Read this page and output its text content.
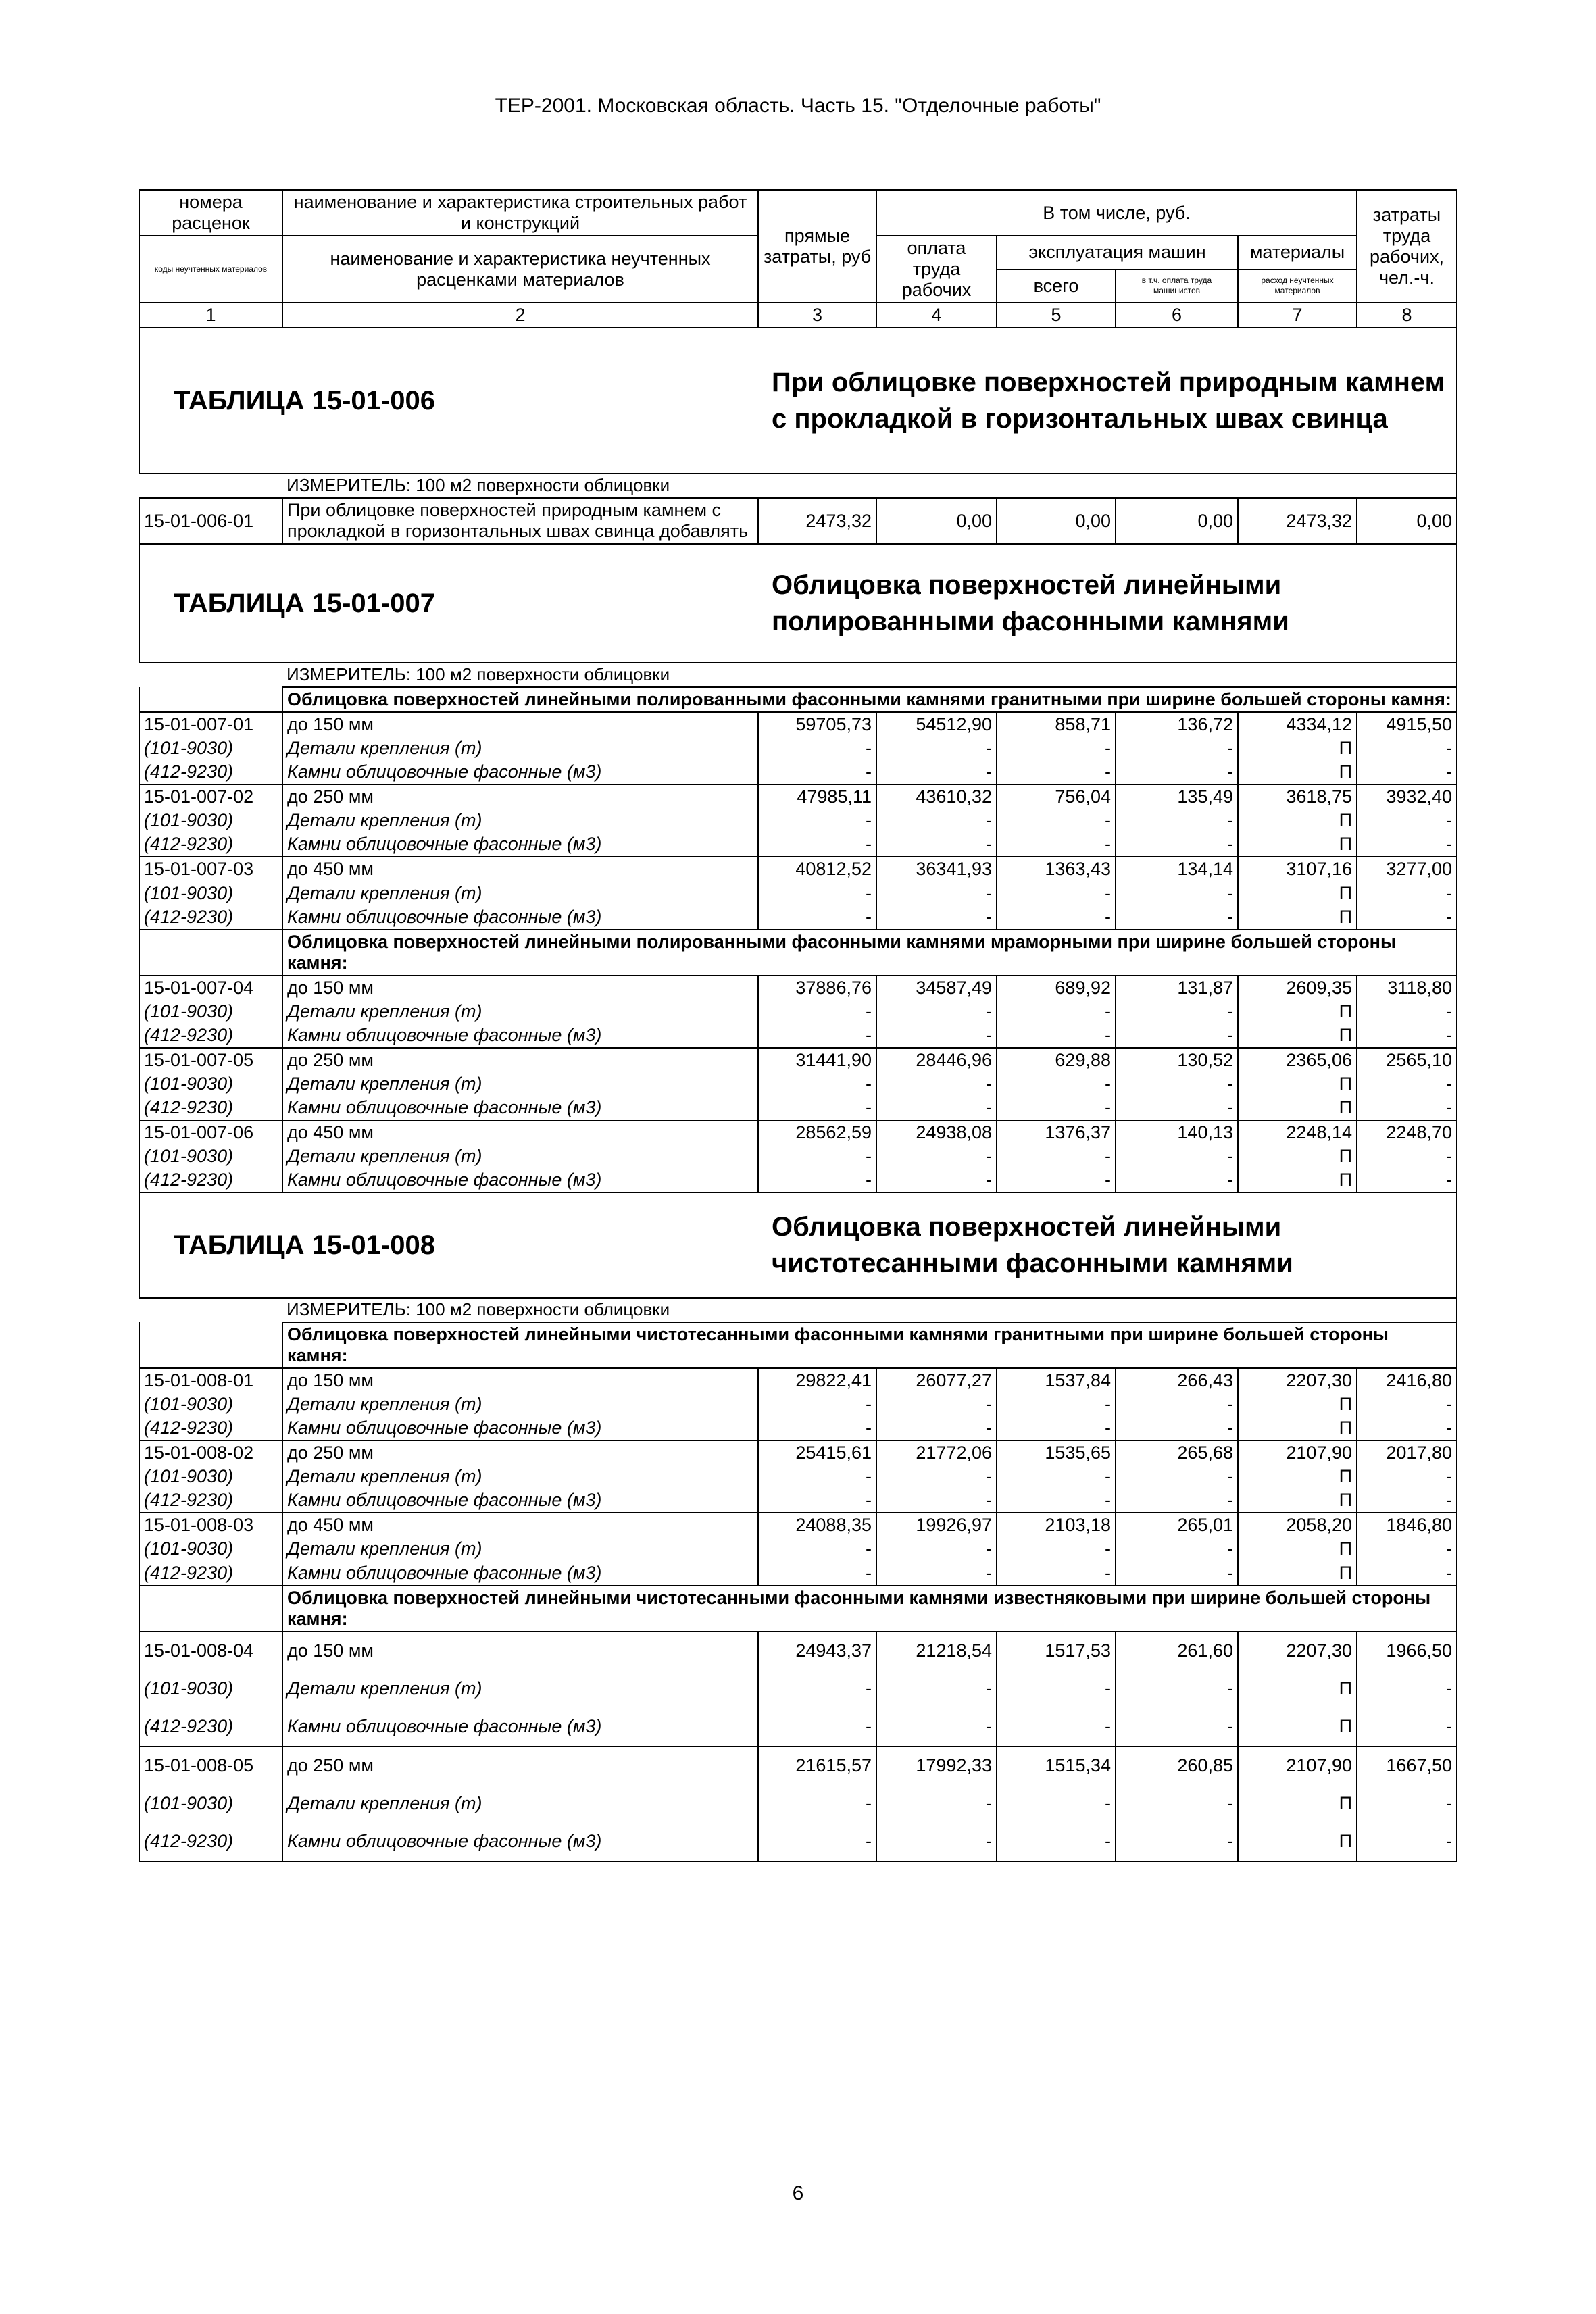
ТЕР-2001. Московская область. Часть 15. "Отделочные работы"
номера расценок	наименование и характеристика строительных работ и конструкций	прямые затраты, руб	В том числе, руб.				затраты труда рабочих, чел.-ч.
коды неучтенных материалов	наименование и характеристика неучтенных расценками материалов		оплата труда рабочих	эксплуатация машин		материалы	
				всего	в т.ч. оплата труда машинистов	расход неучтенных материалов	
1	2	3	4	5	6	7	8
ТАБЛИЦА 15-01-006		При облицовке поверхностей природным камнем с прокладкой в горизонтальных швах свинца					
	ИЗМЕРИТЕЛЬ: 100 м2 поверхности облицовки						
15-01-006-01	При облицовке поверхностей природным камнем с прокладкой в горизонтальных швах свинца добавлять	2473,32	0,00	0,00	0,00	2473,32	0,00
ТАБЛИЦА 15-01-007		Облицовка поверхностей линейными полированными фасонными камнями					
	ИЗМЕРИТЕЛЬ: 100 м2 поверхности облицовки						
	Облицовка поверхностей линейными полированными фасонными камнями гранитными при ширине большей стороны камня:						
15-01-007-01	до 150 мм	59705,73	54512,90	858,71	136,72	4334,12	4915,50
(101-9030)	Детали крепления (т)	-	-	-	-	П	-
(412-9230)	Камни облицовочные фасонные (м3)	-	-	-	-	П	-
15-01-007-02	до 250 мм	47985,11	43610,32	756,04	135,49	3618,75	3932,40
(101-9030)	Детали крепления (т)	-	-	-	-	П	-
(412-9230)	Камни облицовочные фасонные (м3)	-	-	-	-	П	-
15-01-007-03	до 450 мм	40812,52	36341,93	1363,43	134,14	3107,16	3277,00
(101-9030)	Детали крепления (т)	-	-	-	-	П	-
(412-9230)	Камни облицовочные фасонные (м3)	-	-	-	-	П	-
	Облицовка поверхностей линейными полированными фасонными камнями мраморными при ширине большей стороны камня:						
15-01-007-04	до 150 мм	37886,76	34587,49	689,92	131,87	2609,35	3118,80
(101-9030)	Детали крепления (т)	-	-	-	-	П	-
(412-9230)	Камни облицовочные фасонные (м3)	-	-	-	-	П	-
15-01-007-05	до 250 мм	31441,90	28446,96	629,88	130,52	2365,06	2565,10
(101-9030)	Детали крепления (т)	-	-	-	-	П	-
(412-9230)	Камни облицовочные фасонные (м3)	-	-	-	-	П	-
15-01-007-06	до 450 мм	28562,59	24938,08	1376,37	140,13	2248,14	2248,70
(101-9030)	Детали крепления (т)	-	-	-	-	П	-
(412-9230)	Камни облицовочные фасонные (м3)	-	-	-	-	П	-
ТАБЛИЦА 15-01-008		Облицовка поверхностей линейными чистотесанными фасонными камнями					
	ИЗМЕРИТЕЛЬ: 100 м2 поверхности облицовки						
	Облицовка поверхностей линейными чистотесанными фасонными камнями гранитными при ширине большей стороны камня:						
15-01-008-01	до 150 мм	29822,41	26077,27	1537,84	266,43	2207,30	2416,80
(101-9030)	Детали крепления (т)	-	-	-	-	П	-
(412-9230)	Камни облицовочные фасонные (м3)	-	-	-	-	П	-
15-01-008-02	до 250 мм	25415,61	21772,06	1535,65	265,68	2107,90	2017,80
(101-9030)	Детали крепления (т)	-	-	-	-	П	-
(412-9230)	Камни облицовочные фасонные (м3)	-	-	-	-	П	-
15-01-008-03	до 450 мм	24088,35	19926,97	2103,18	265,01	2058,20	1846,80
(101-9030)	Детали крепления (т)	-	-	-	-	П	-
(412-9230)	Камни облицовочные фасонные (м3)	-	-	-	-	П	-
	Облицовка поверхностей линейными чистотесанными фасонными камнями известняковыми при ширине большей стороны камня:						
15-01-008-04	до 150 мм	24943,37	21218,54	1517,53	261,60	2207,30	1966,50
(101-9030)	Детали крепления (т)	-	-	-	-	П	-
(412-9230)	Камни облицовочные фасонные (м3)	-	-	-	-	П	-
15-01-008-05	до 250 мм	21615,57	17992,33	1515,34	260,85	2107,90	1667,50
(101-9030)	Детали крепления (т)	-	-	-	-	П	-
(412-9230)	Камни облицовочные фасонные (м3)	-	-	-	-	П	-
6
